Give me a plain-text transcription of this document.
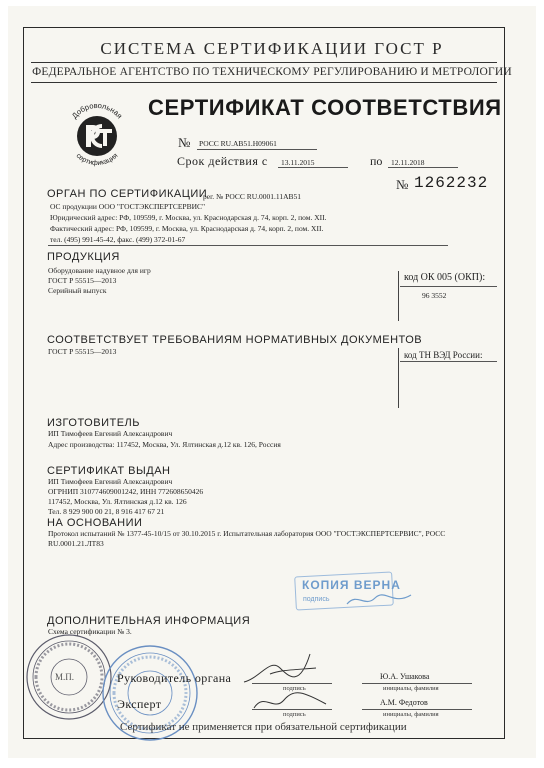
СИСТЕМА СЕРТИФИКАЦИИ ГОСТ Р
ФЕДЕРАЛЬНОЕ АГЕНТСТВО ПО ТЕХНИЧЕСКОМУ РЕГУЛИРОВАНИЮ И МЕТРОЛОГИИ
Добровольная
сертификация
СЕРТИФИКАТ СООТВЕТСТВИЯ
№ РОСС RU.АВ51.Н09061
Срок действия с 13.11.2015	по 12.11.2018
№ 1262232
ОРГАН ПО СЕРТИФИКАЦИИ
рег. № РОСС RU.0001.11АВ51
ОС продукции ООО "ГОСТЭКСПЕРТСЕРВИС"
Юридический адрес: РФ, 109599, г. Москва, ул. Краснодарская д. 74, корп. 2, пом. XII.
Фактический адрес: РФ, 109599, г. Москва, ул. Краснодарская д. 74, корп. 2, пом. XII.
тел. (495) 991-45-42, факс. (499) 372-01-67
ПРОДУКЦИЯ
Оборудование надувное для игр
ГОСТ Р 55515—2013
Серийный выпуск
код ОК 005 (ОКП):
96 3552
СООТВЕТСТВУЕТ ТРЕБОВАНИЯМ НОРМАТИВНЫХ ДОКУМЕНТОВ
ГОСТ Р 55515—2013	код ТН ВЭД России:
ИЗГОТОВИТЕЛЬ
ИП Тимофеев Евгений Александрович
Адрес производства: 117452, Москва, Ул. Ялтинская д.12 кв. 126, Россия
СЕРТИФИКАТ ВЫДАН
ИП Тимофеев Евгений Александрович
ОГРНИП 310774609001242, ИНН 772608650426
117452, Москва, Ул. Ялтинская д.12 кв. 126
Тел. 8 929 900 00 21, 8 916 417 67 21
НА ОСНОВАНИИ
Протокол испытаний № 1377-45-10/15 от 30.10.2015 г. Испытательная лаборатория ООО "ГОСТЭКСПЕРТСЕРВИС", РОСС
RU.0001.21.ЛТ83
КОПИЯ ВЕРНА
подпись
ДОПОЛНИТЕЛЬНАЯ ИНФОРМАЦИЯ
Схема сертификации № 3.
М.П.	Руководитель органа
подпись
Ю.А. Ушакова
инициалы, фамилия
Эксперт
подпись
А.М. Федотов
инициалы, фамилия
Сертификат не применяется при обязательной сертификации
